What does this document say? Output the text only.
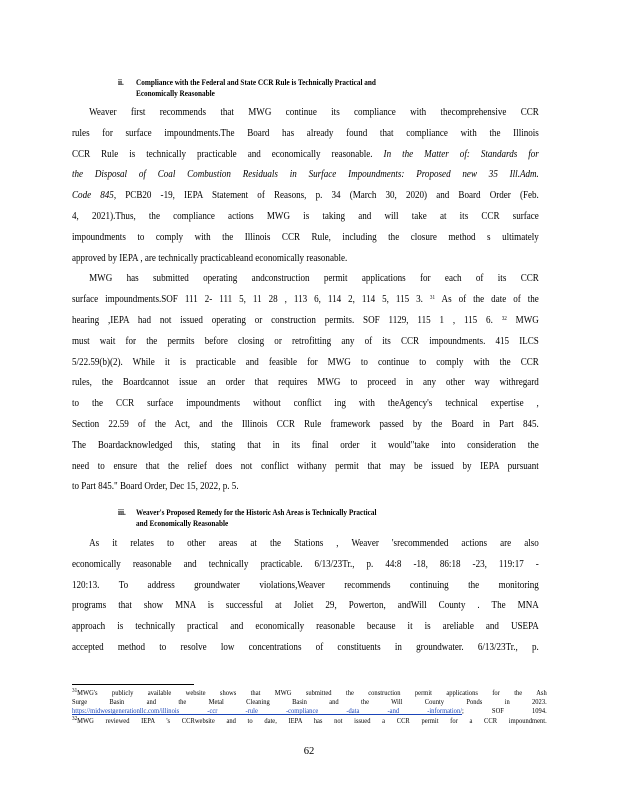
ii. Compliance with the Federal and State CCR Rule is Technically Practical and
Economically Reasonable
Weaver first recommends that MWG continue its compliance with thecomprehensive CCR
rules for surface impoundments.The Board has already found that compliance with the Illinois
CCR Rule is technically practicable and economically reasonable. In the Matter of: Standards for
the Disposal of Coal Combustion Residuals in Surface Impoundments: Proposed new 35 Ill.Adm.
Code 845, PCB20 -19, IEPA Statement of Reasons, p. 34 (March 30, 2020) and Board Order (Feb.
4, 2021).Thus, the compliance actions MWG is taking and will take at its CCR surface
impoundments to comply with the Illinois CCR Rule, including the closure method s ultimately
approved by IEPA , are technically practicableand economically reasonable.
MWG has submitted operating andconstruction permit applications for each of its CCR
surface impoundments.SOF 111 2- 111 5, 11 28 , 113 6, 114 2, 114 5, 115 3. $^{31}$ As of the date of the
hearing ,IEPA had not issued operating or construction permits. SOF 1129, 115 1 , 115 6. $^{32}$ MWG
must wait for the permits before closing or retrofitting any of its CCR impoundments. 415 ILCS
5/22.59(b)(2). While it is practicable and feasible for MWG to continue to comply with the CCR
rules, the Boardcannot issue an order that requires MWG to proceed in any other way withregard
to the CCR surface impoundments without conflict ing with theAgency's technical expertise ,
Section 22.59 of the Act, and the Illinois CCR Rule framework passed by the Board in Part 845.
The Boardacknowledged this, stating that in its final order it would"take into consideration the
need to ensure that the relief does not conflict withany permit that may be issued by IEPA pursuant
to Part 845." Board Order, Dec 15, 2022, p. 5.
iii. Weaver's Proposed Remedy for the Historic Ash Areas is Technically Practical
and Economically Reasonable
As it relates to other areas at the Stations , Weaver 'srecommended actions are also
economically reasonable and technically practicable. 6/13/23Tr., p. 44:8 -18, 86:18 -23, 119:17 -
120:13. To address groundwater violations,Weaver recommends continuing the monitoring
programs that show MNA is successful at Joliet 29, Powerton, andWill County . The MNA
approach is technically practical and economically reasonable because it is areliable and USEPA
accepted method to resolve low concentrations of constituents in groundwater. 6/13/23Tr., p.
$^{31}$MWG's publicly available website shows that MWG submitted the construction permit applications for the Ash
Surge Basin and the Metal Cleaning Basin and the Will County Ponds in 2023.
https://midwestgenerationllc.com/illinois -ccr -rule -compliance -data -and -information/; SOF 1094.
$^{32}$MWG reviewed IEPA 's CCRwebsite and to date, IEPA has not issued a CCR permit for a CCR impoundment.
62
